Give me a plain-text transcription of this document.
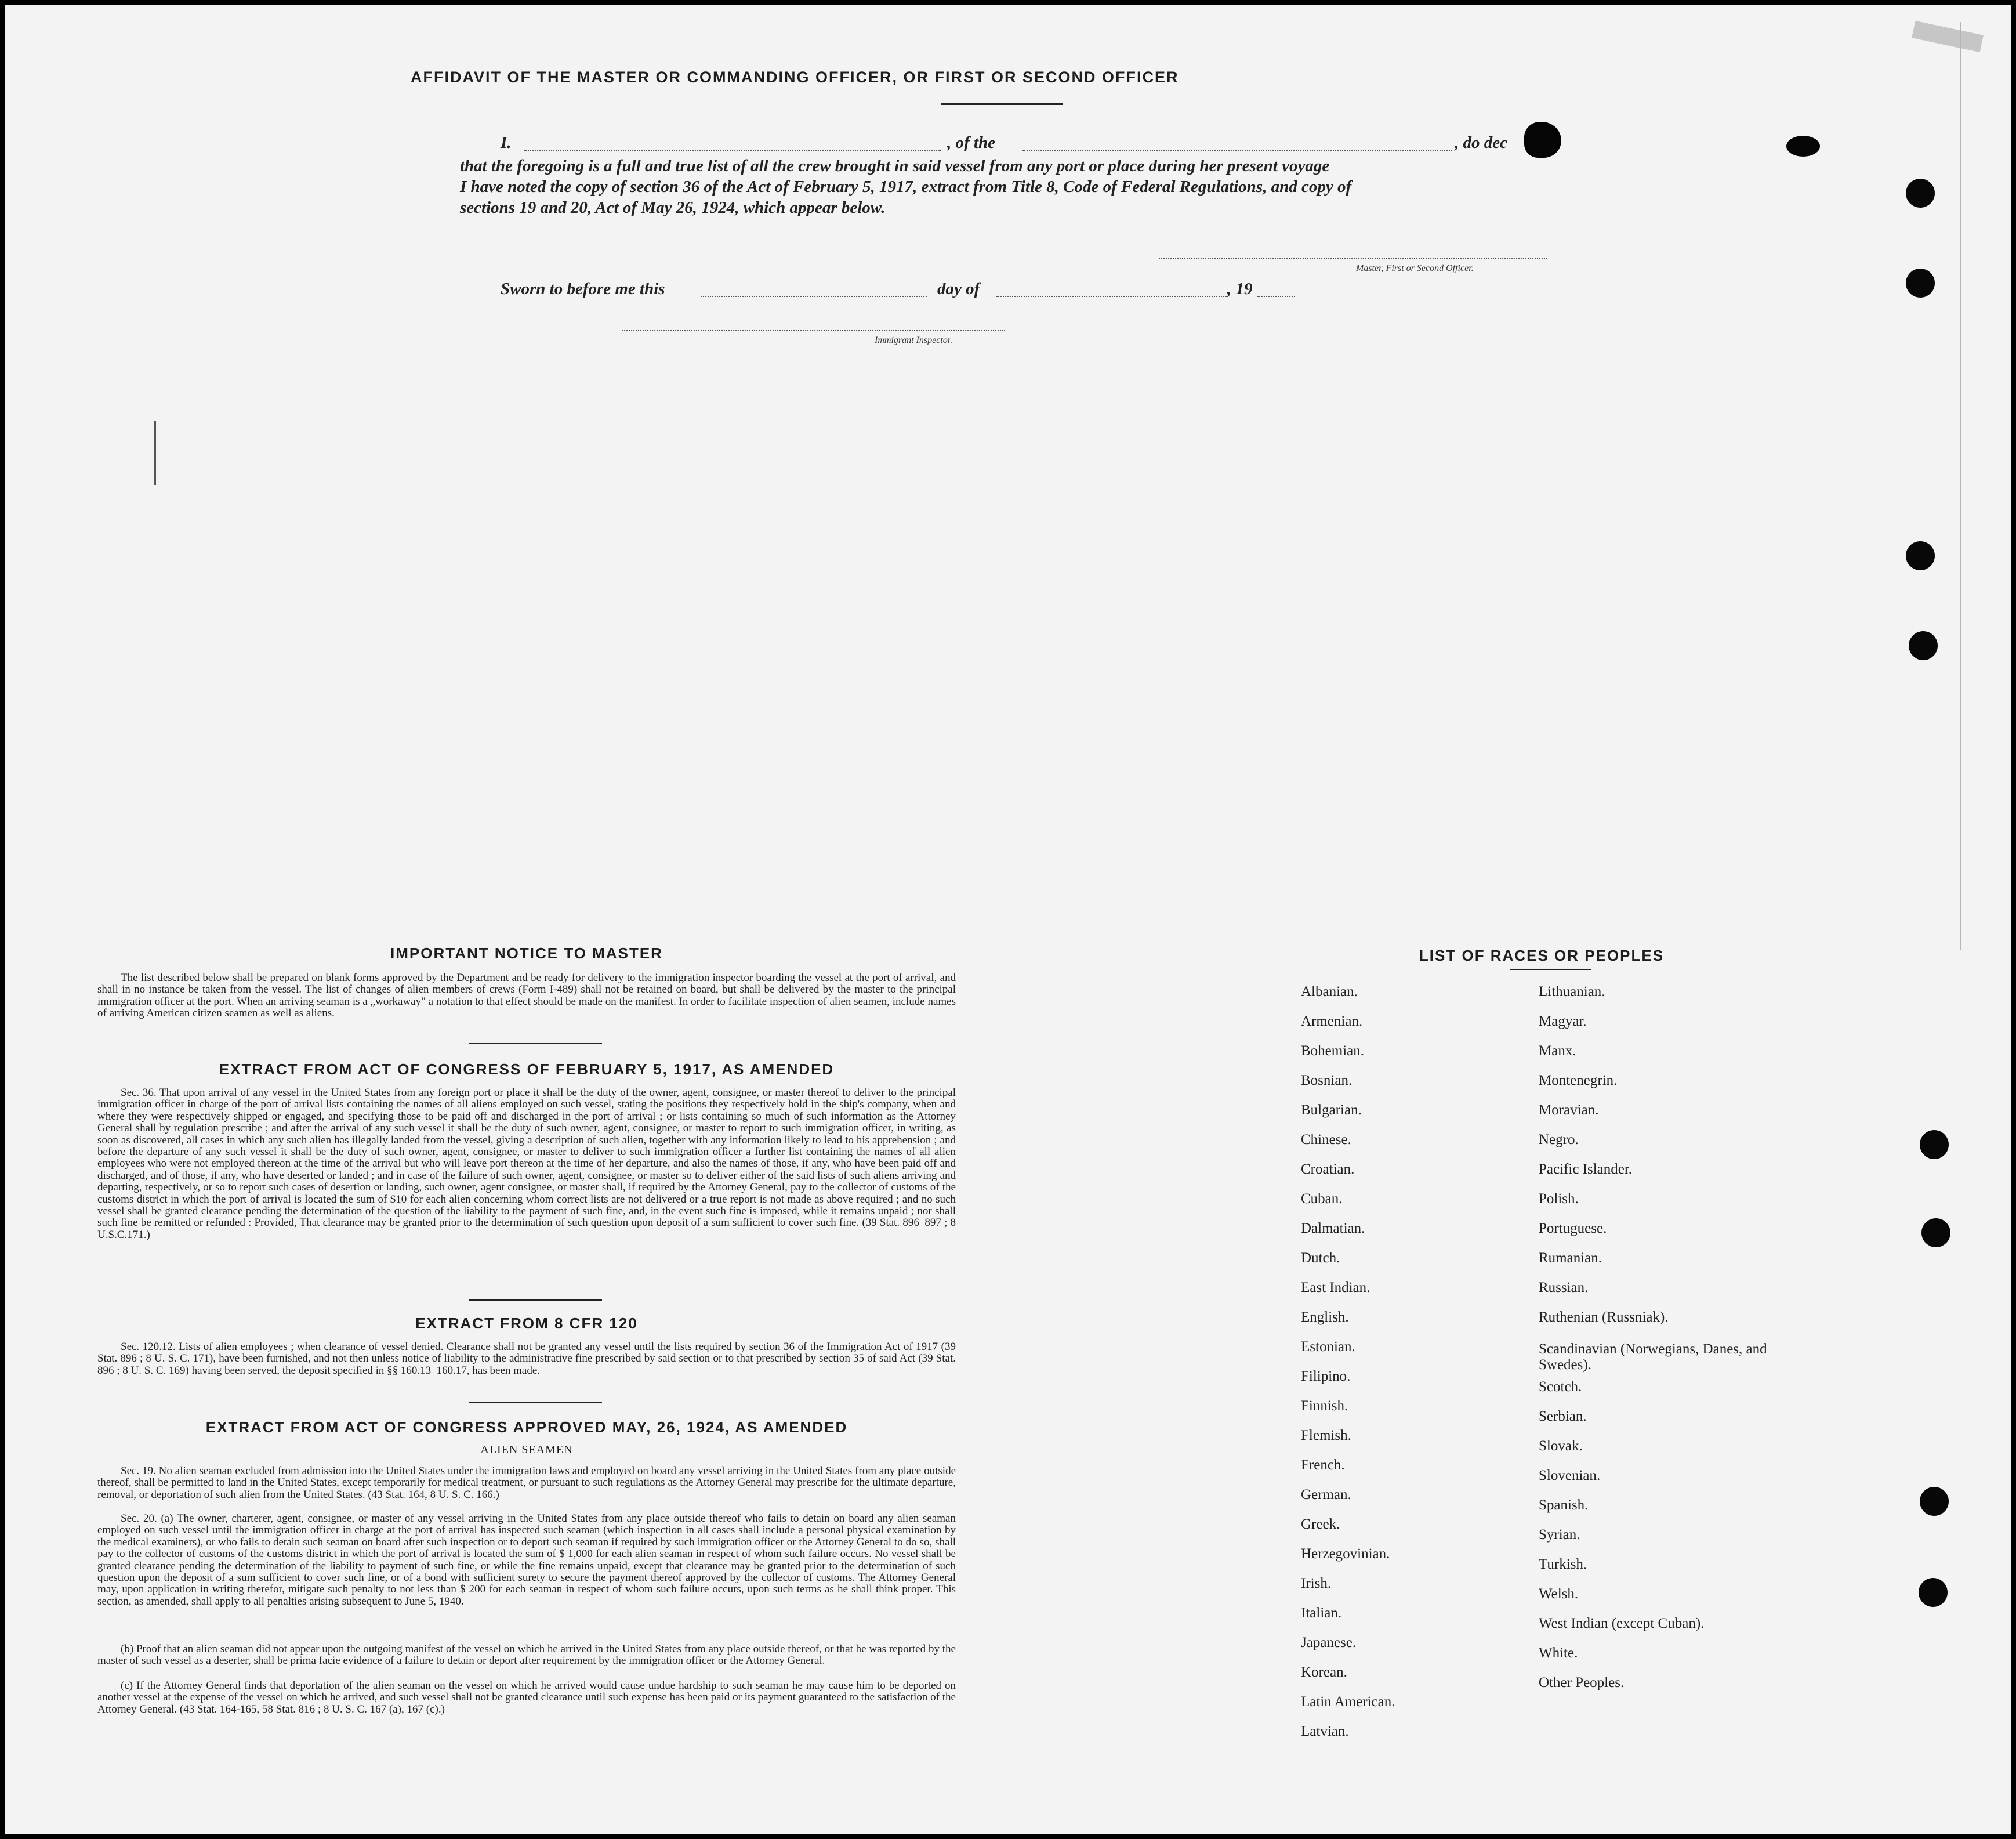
AFFIDAVIT OF THE MASTER OR COMMANDING OFFICER, OR FIRST OR SECOND OFFICER
I.	, of the	, do dec
that the foregoing is a full and true list of all the crew brought in said vessel from any port or place during her present voyage
I have noted the copy of section 36 of the Act of February 5, 1917, extract from Title 8, Code of Federal Regulations, and copy of
sections 19 and 20, Act of May 26, 1924, which appear below.
Master, First or Second Officer.
Sworn to before me this	day of	, 19
Immigrant Inspector.
IMPORTANT NOTICE TO MASTER

The list described below shall be prepared on blank forms approved by the Department and be ready for delivery to the immigration inspector boarding the vessel at the port of arrival, and shall in no instance be taken from the vessel. The list of changes of alien members of crews (Form I-489) shall not be retained on board, but shall be delivered by the master to the principal immigration officer at the port. When an arriving seaman is a „workaway" a notation to that effect should be made on the manifest. In order to facilitate inspection of alien seamen, include names of arriving American citizen seamen as well as aliens.

EXTRACT FROM ACT OF CONGRESS OF FEBRUARY 5, 1917, AS AMENDED

Sec. 36. That upon arrival of any vessel in the United States from any foreign port or place it shall be the duty of the owner, agent, consignee, or master thereof to deliver to the principal immigration officer in charge of the port of arrival lists containing the names of all aliens employed on such vessel, stating the positions they respectively hold in the ship's company, when and where they were respectively shipped or engaged, and specifying those to be paid off and discharged in the port of arrival ; or lists containing so much of such information as the Attorney General shall by regulation prescribe ; and after the arrival of any such vessel it shall be the duty of such owner, agent, consignee, or master to report to such immigration officer, in writing, as soon as discovered, all cases in which any such alien has illegally landed from the vessel, giving a description of such alien, together with any information likely to lead to his apprehension ; and before the departure of any such vessel it shall be the duty of such owner, agent, consignee, or master to deliver to such immigration officer a further list containing the names of all alien employees who were not employed thereon at the time of the arrival but who will leave port thereon at the time of her departure, and also the names of those, if any, who have been paid off and discharged, and of those, if any, who have deserted or landed ; and in case of the failure of such owner, agent, consignee, or master so to deliver either of the said lists of such aliens arriving and departing, respectively, or so to report such cases of desertion or landing, such owner, agent consignee, or master shall, if required by the Attorney General, pay to the collector of customs of the customs district in which the port of arrival is located the sum of $10 for each alien concerning whom correct lists are not delivered or a true report is not made as above required ; and no such vessel shall be granted clearance pending the determination of the question of the liability to the payment of such fine, and, in the event such fine is imposed, while it remains unpaid ; nor shall such fine be remitted or refunded : Provided, That clearance may be granted prior to the determination of such question upon deposit of a sum sufficient to cover such fine. (39 Stat. 896–897 ; 8 U.S.C.171.)

EXTRACT FROM 8 CFR 120

Sec. 120.12. Lists of alien employees ; when clearance of vessel denied. Clearance shall not be granted any vessel until the lists required by section 36 of the Immigration Act of 1917 (39 Stat. 896 ; 8 U. S. C. 171), have been furnished, and not then unless notice of liability to the administrative fine prescribed by said section or to that prescribed by section 35 of said Act (39 Stat. 896 ; 8 U. S. C. 169) having been served, the deposit specified in §§ 160.13–160.17, has been made.

EXTRACT FROM ACT OF CONGRESS APPROVED MAY, 26, 1924, AS AMENDED
ALIEN SEAMEN

Sec. 19. No alien seaman excluded from admission into the United States under the immigration laws and employed on board any vessel arriving in the United States from any place outside thereof, shall be permitted to land in the United States, except temporarily for medical treatment, or pursuant to such regulations as the Attorney General may prescribe for the ultimate departure, removal, or deportation of such alien from the United States. (43 Stat. 164, 8 U. S. C. 166.)

Sec. 20. (a) The owner, charterer, agent, consignee, or master of any vessel arriving in the United States from any place outside thereof who fails to detain on board any alien seaman employed on such vessel until the immigration officer in charge at the port of arrival has inspected such seaman (which inspection in all cases shall include a personal physical examination by the medical examiners), or who fails to detain such seaman on board after such inspection or to deport such seaman if required by such immigration officer or the Attorney General to do so, shall pay to the collector of customs of the customs district in which the port of arrival is located the sum of $ 1,000 for each alien seaman in respect of whom such failure occurs. No vessel shall be granted clearance pending the determination of the liability to payment of such fine, or while the fine remains unpaid, except that clearance may be granted prior to the determination of such question upon the deposit of a sum sufficient to cover such fine, or of a bond with sufficient surety to secure the payment thereof approved by the collector of customs. The Attorney General may, upon application in writing therefor, mitigate such penalty to not less than $ 200 for each seaman in respect of whom such failure occurs, upon such terms as he shall think proper. This section, as amended, shall apply to all penalties arising subsequent to June 5, 1940.

(b) Proof that an alien seaman did not appear upon the outgoing manifest of the vessel on which he arrived in the United States from any place outside thereof, or that he was reported by the master of such vessel as a deserter, shall be prima facie evidence of a failure to detain or deport after requirement by the immigration officer or the Attorney General.

(c) If the Attorney General finds that deportation of the alien seaman on the vessel on which he arrived would cause undue hardship to such seaman he may cause him to be deported on another vessel at the expense of the vessel on which he arrived, and such vessel shall not be granted clearance until such expense has been paid or its payment guaranteed to the satisfaction of the Attorney General. (43 Stat. 164-165, 58 Stat. 816 ; 8 U. S. C. 167 (a), 167 (c).)

LIST OF RACES OR PEOPLES
Albanian.
Armenian.
Bohemian.
Bosnian.
Bulgarian.
Chinese.
Croatian.
Cuban.
Dalmatian.
Dutch.
East Indian.
English.
Estonian.
Filipino.
Finnish.
Flemish.
French.
German.
Greek.
Herzegovinian.
Irish.
Italian.
Japanese.
Korean.
Latin American.
Latvian.
Lithuanian.
Magyar.
Manx.
Montenegrin.
Moravian.
Negro.
Pacific Islander.
Polish.
Portuguese.
Rumanian.
Russian.
Ruthenian (Russniak).
Scandinavian (Norwegians, Danes, and Swedes).
Scotch.
Serbian.
Slovak.
Slovenian.
Spanish.
Syrian.
Turkish.
Welsh.
West Indian (except Cuban).
White.
Other Peoples.
